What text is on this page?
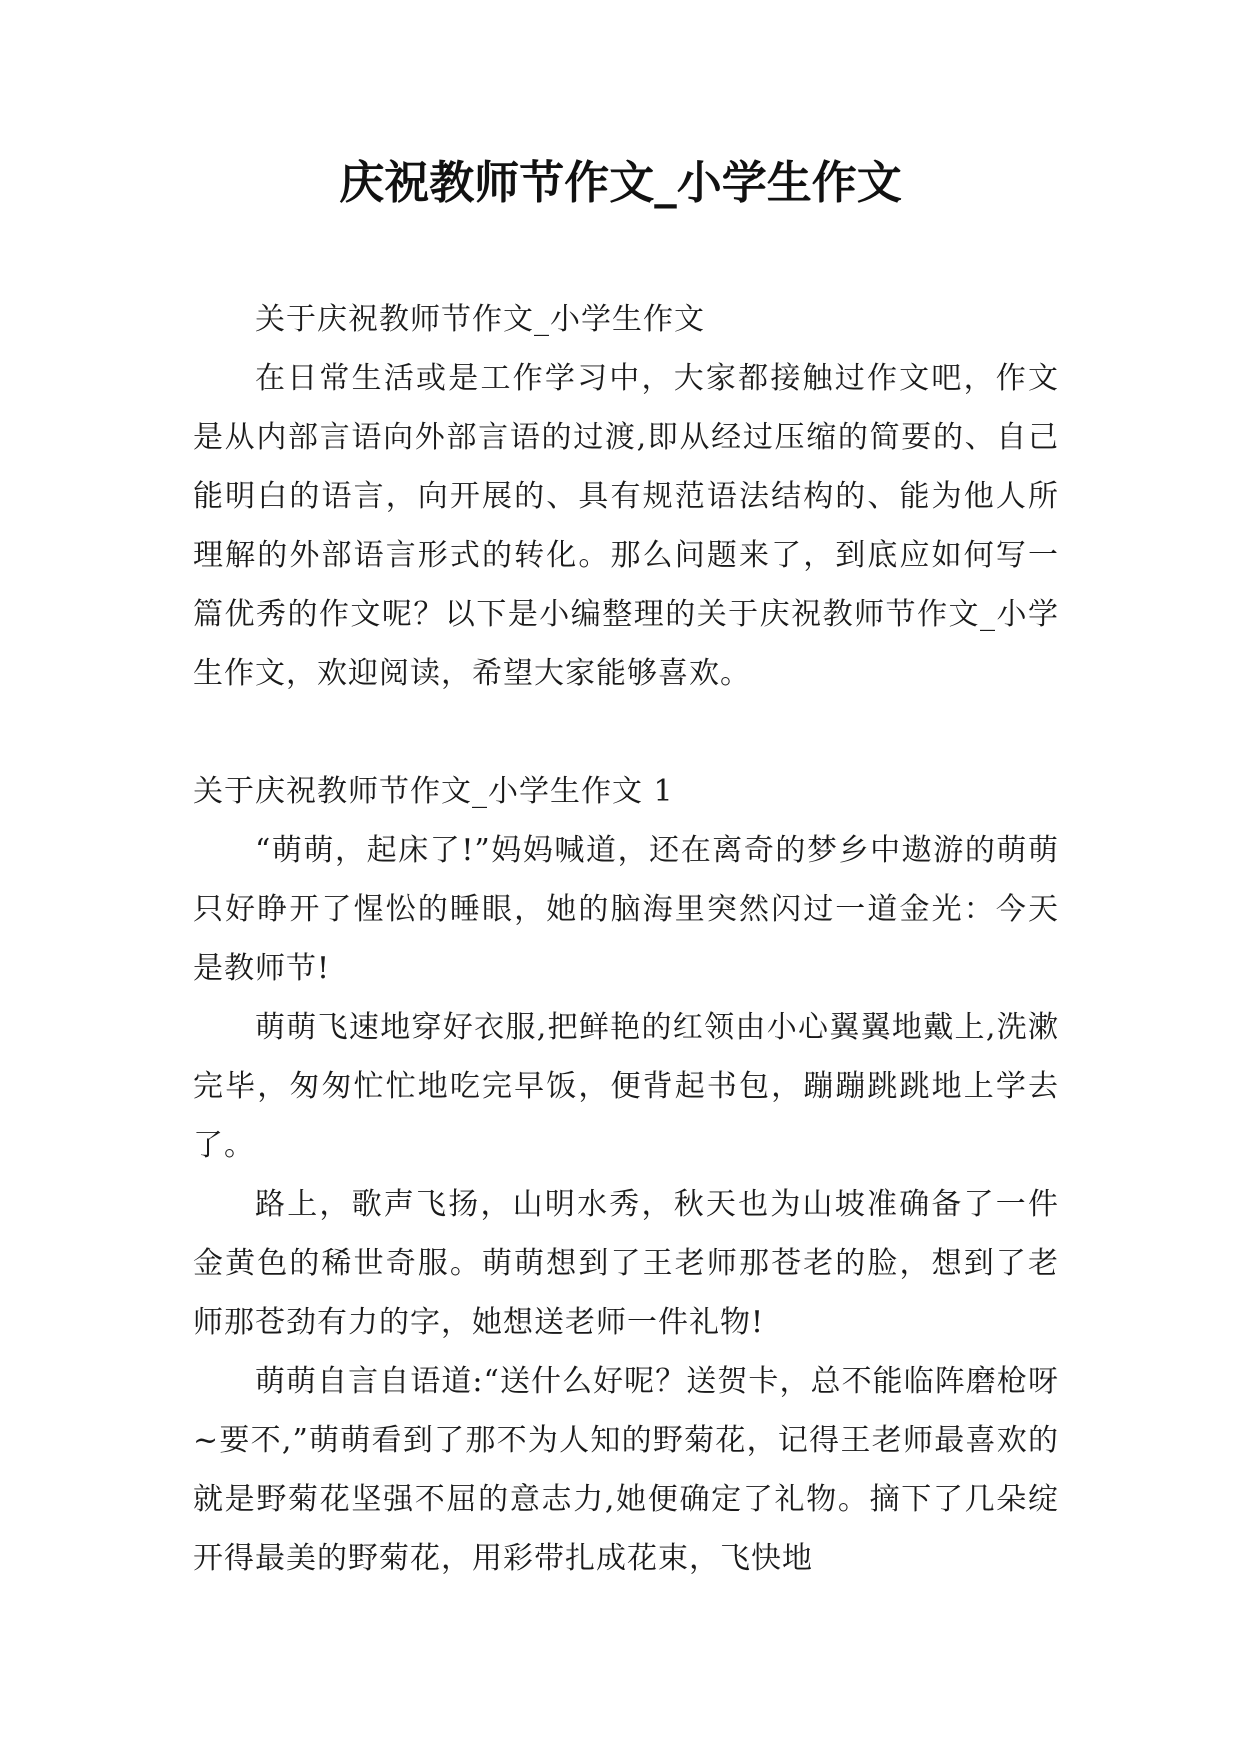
庆祝教师节作文_小学生作文

关于庆祝教师节作文_小学生作文

在日常生活或是工作学习中，大家都接触过作文吧，作文是从内部言语向外部言语的过渡,即从经过压缩的简要的、自己能明白的语言，向开展的、具有规范语法结构的、能为他人所理解的外部语言形式的转化。那么问题来了，到底应如何写一篇优秀的作文呢？以下是小编整理的关于庆祝教师节作文_小学生作文，欢迎阅读，希望大家能够喜欢。

关于庆祝教师节作文_小学生作文 1

“萌萌，起床了!”妈妈喊道，还在离奇的梦乡中遨游的萌萌只好睁开了惺忪的睡眼，她的脑海里突然闪过一道金光：今天是教师节!

萌萌飞速地穿好衣服,把鲜艳的红领由小心翼翼地戴上,洗漱完毕，匆匆忙忙地吃完早饭，便背起书包，蹦蹦跳跳地上学去了。

路上，歌声飞扬，山明水秀，秋天也为山坡准确备了一件金黄色的稀世奇服。萌萌想到了王老师那苍老的脸，想到了老师那苍劲有力的字，她想送老师一件礼物!

萌萌自言自语道:“送什么好呢？送贺卡，总不能临阵磨枪呀~要不,”萌萌看到了那不为人知的野菊花，记得王老师最喜欢的就是野菊花坚强不屈的意志力,她便确定了礼物。摘下了几朵绽开得最美的野菊花，用彩带扎成花束，飞快地
